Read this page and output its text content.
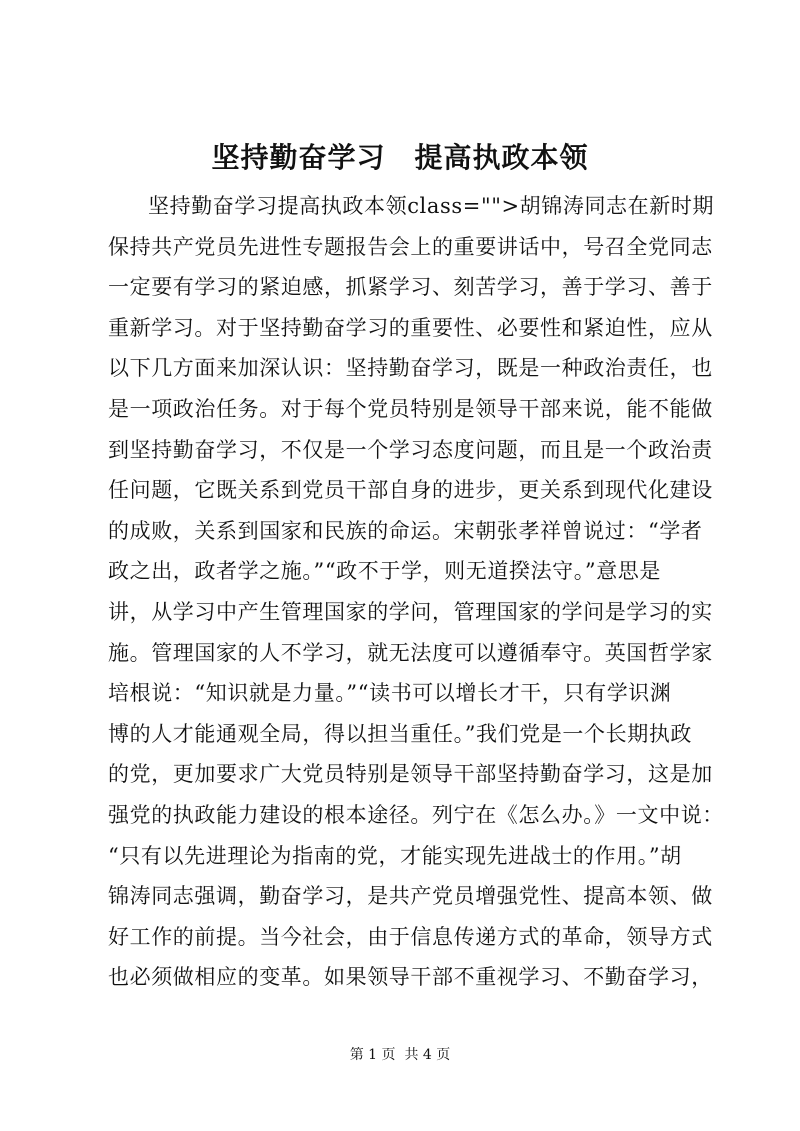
坚持勤奋学习　提高执政本领
坚持勤奋学习提高执政本领class="">胡锦涛同志在新时期
保持共产党员先进性专题报告会上的重要讲话中，号召全党同志
一定要有学习的紧迫感，抓紧学习、刻苦学习，善于学习、善于
重新学习。对于坚持勤奋学习的重要性、必要性和紧迫性，应从
以下几方面来加深认识：坚持勤奋学习，既是一种政治责任，也
是一项政治任务。对于每个党员特别是领导干部来说，能不能做
到坚持勤奋学习，不仅是一个学习态度问题，而且是一个政治责
任问题，它既关系到党员干部自身的进步，更关系到现代化建设
的成败，关系到国家和民族的命运。宋朝张孝祥曾说过：“学者
政之出，政者学之施。”“政不于学，则无道揆法守。”意思是
讲，从学习中产生管理国家的学问，管理国家的学问是学习的实
施。管理国家的人不学习，就无法度可以遵循奉守。英国哲学家
培根说：“知识就是力量。”“读书可以增长才干，只有学识渊
博的人才能通观全局，得以担当重任。”我们党是一个长期执政
的党，更加要求广大党员特别是领导干部坚持勤奋学习，这是加
强党的执政能力建设的根本途径。列宁在《怎么办。》一文中说：
“只有以先进理论为指南的党，才能实现先进战士的作用。”胡
锦涛同志强调，勤奋学习，是共产党员增强党性、提高本领、做
好工作的前提。当今社会，由于信息传递方式的革命，领导方式
也必须做相应的变革。如果领导干部不重视学习、不勤奋学习，
第 1 页  共 4 页
